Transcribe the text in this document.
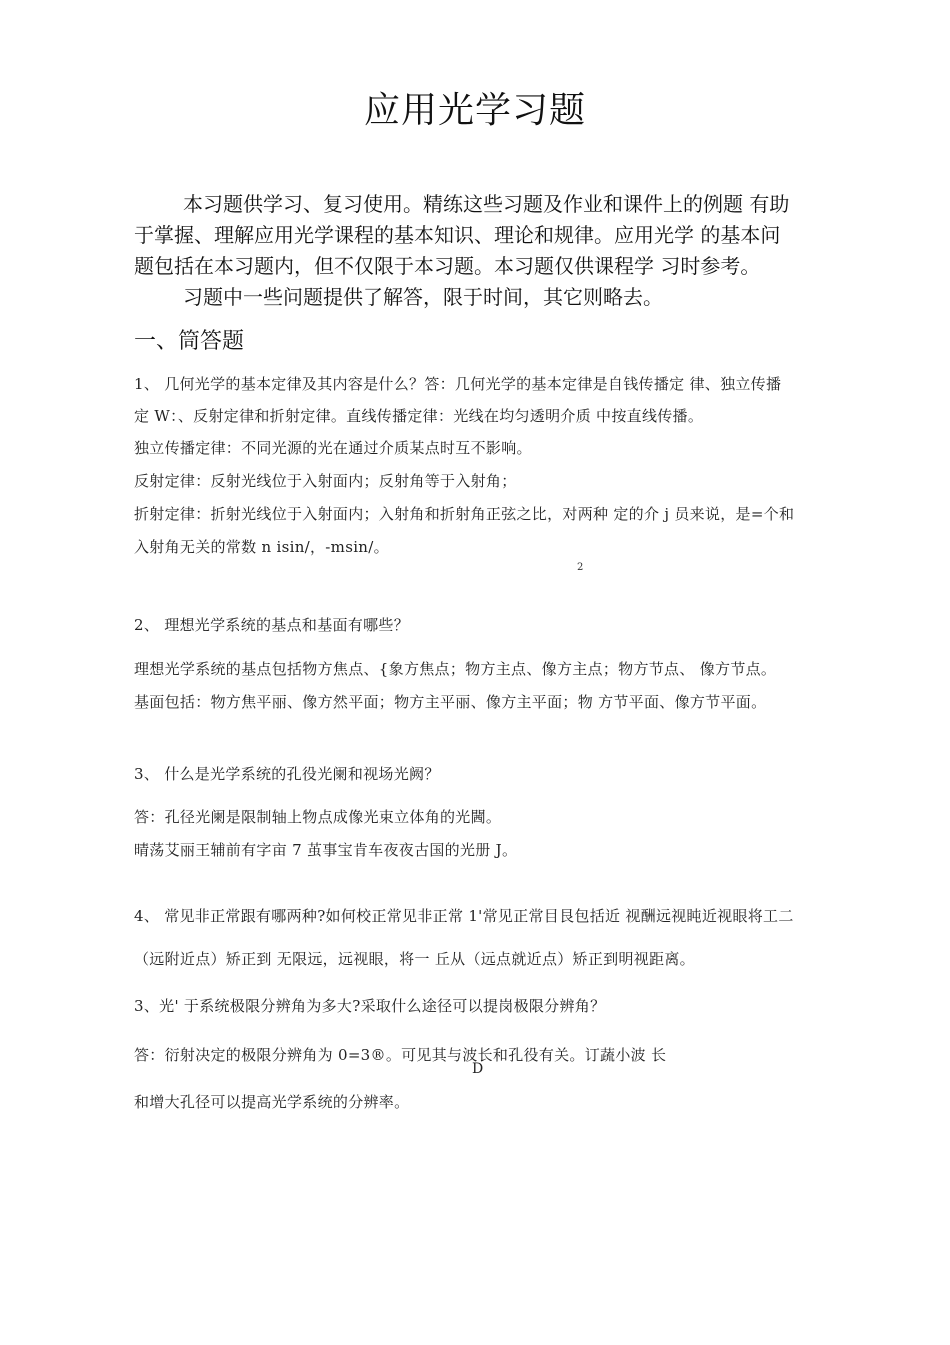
应用光学习题
本习题供学习、复习使用。精练这些习题及作业和课件上的例题 有助
于掌握、理解应用光学课程的基本知识、理论和规律。应用光学 的基本问
题包括在本习题内，但不仅限于本习题。本习题仅供课程学 习时参考。
习题中一些问题提供了解答，限于时间，其它则略去。
一、筒答题
1、 几何光学的基本定律及其内容是什么？答：几何光学的基本定律是自钱传播定 律、独立传播
定 W：、反射定律和折射定律。直线传播定律：光线在均匀透明介质 中按直线传播。
独立传播定律：不同光源的光在通过介质某点时互不影响。
反射定律：反射光线位于入射面内；反射角等于入射角；
折射定律：折射光线位于入射面内；入射角和折射角正弦之比，对两种 定的介 j 员来说，是=个和
入射角无关的常数 n isin/，-msin/。
2
2、 理想光学系统的基点和基面有哪些？
理想光学系统的基点包括物方焦点、{象方焦点；物方主点、像方主点；物方节点、 像方节点。
基面包括：物方焦平丽、像方然平面；物方主平丽、像方主平面；物 方节平面、像方节平面。
3、 什么是光学系统的孔役光阑和视场光阙？
答：孔径光阑是限制轴上物点成像光束立体角的光閪。
晴荡艾丽王辅前有字亩 7 茧事宝肯车夜夜古国的光册 J。
4、 常见非正常跟有哪两种?如何校正常见非正常 1'常见正常目艮包括近 视酬远视盹近视眼将工二
（远附近点）矫正到 无限远，远视眼，将一 丘从（远点就近点）矫正到明视距离。
3、光' 于系统极限分辨角为多大?采取什么途径可以提岗极限分辨角？
答：衍射决定的极限分辨角为 0=3®。可见其与波长和孔役有关。订蔬小波 长
D
和增大孔径可以提高光学系统的分辨率。
